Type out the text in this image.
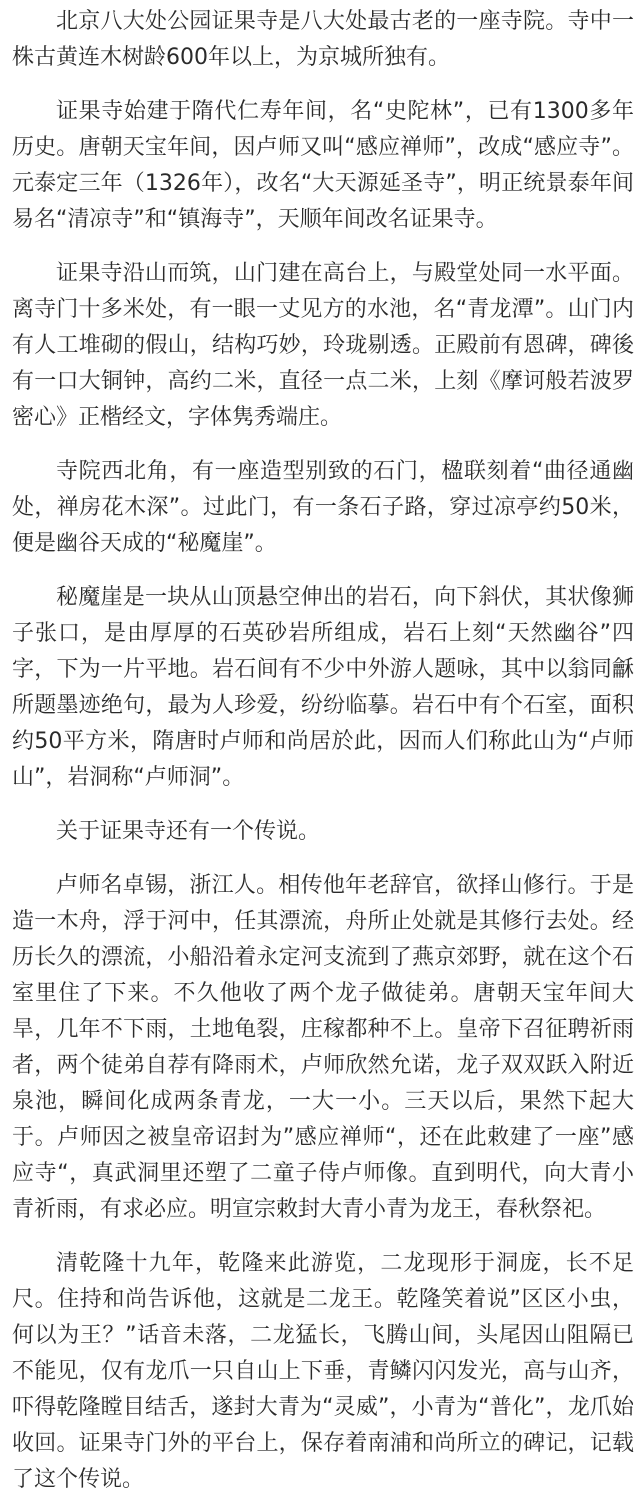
北京八大处公园证果寺是八大处最古老的一座寺院。寺中一株古黄连木树龄600年以上，为京城所独有。

证果寺始建于隋代仁寿年间，名“史陀林”，已有1300多年历史。唐朝天宝年间，因卢师又叫“感应禅师”，改成“感应寺”。元泰定三年（1326年），改名“大天源延圣寺”，明正统景泰年间易名“清凉寺”和“镇海寺”，天顺年间改名证果寺。

证果寺沿山而筑，山门建在高台上，与殿堂处同一水平面。离寺门十多米处，有一眼一丈见方的水池，名“青龙潭”。山门内有人工堆砌的假山，结构巧妙，玲珑剔透。正殿前有恩碑，碑後有一口大铜钟，高约二米，直径一点二米，上刻《摩诃般若波罗密心》正楷经文，字体隽秀端庄。

寺院西北角，有一座造型别致的石门，楹联刻着“曲径通幽处，禅房花木深”。过此门，有一条石子路，穿过凉亭约50米，便是幽谷天成的“秘魔崖”。

秘魔崖是一块从山顶悬空伸出的岩石，向下斜伏，其状像狮子张口，是由厚厚的石英砂岩所组成，岩石上刻“天然幽谷”四字，下为一片平地。岩石间有不少中外游人题咏，其中以翁同龢所题墨迹绝句，最为人珍爱，纷纷临摹。岩石中有个石室，面积约50平方米，隋唐时卢师和尚居於此，因而人们称此山为“卢师山”，岩洞称“卢师洞”。

关于证果寺还有一个传说。

卢师名卓锡，浙江人。相传他年老辞官，欲择山修行。于是造一木舟，浮于河中，任其漂流，舟所止处就是其修行去处。经历长久的漂流，小船沿着永定河支流到了燕京郊野，就在这个石室里住了下来。不久他收了两个龙子做徒弟。唐朝天宝年间大旱，几年不下雨，土地龟裂，庄稼都种不上。皇帝下召征聘祈雨者，两个徒弟自荐有降雨术，卢师欣然允诺，龙子双双跃入附近泉池，瞬间化成两条青龙，一大一小。三天以后，果然下起大于。卢师因之被皇帝诏封为”感应禅师“，还在此敕建了一座”感应寺“，真武洞里还塑了二童子侍卢师像。直到明代，向大青小青祈雨，有求必应。明宣宗敕封大青小青为龙王，春秋祭祀。

清乾隆十九年，乾隆来此游览，二龙现形于洞庞，长不足尺。住持和尚告诉他，这就是二龙王。乾隆笑着说”区区小虫，何以为王？”话音未落，二龙猛长，飞腾山间，头尾因山阻隔已不能见，仅有龙爪一只自山上下垂，青鳞闪闪发光，高与山齐，吓得乾隆瞠目结舌，遂封大青为“灵威”，小青为“普化”，龙爪始收回。证果寺门外的平台上，保存着南浦和尚所立的碑记，记载了这个传说。
